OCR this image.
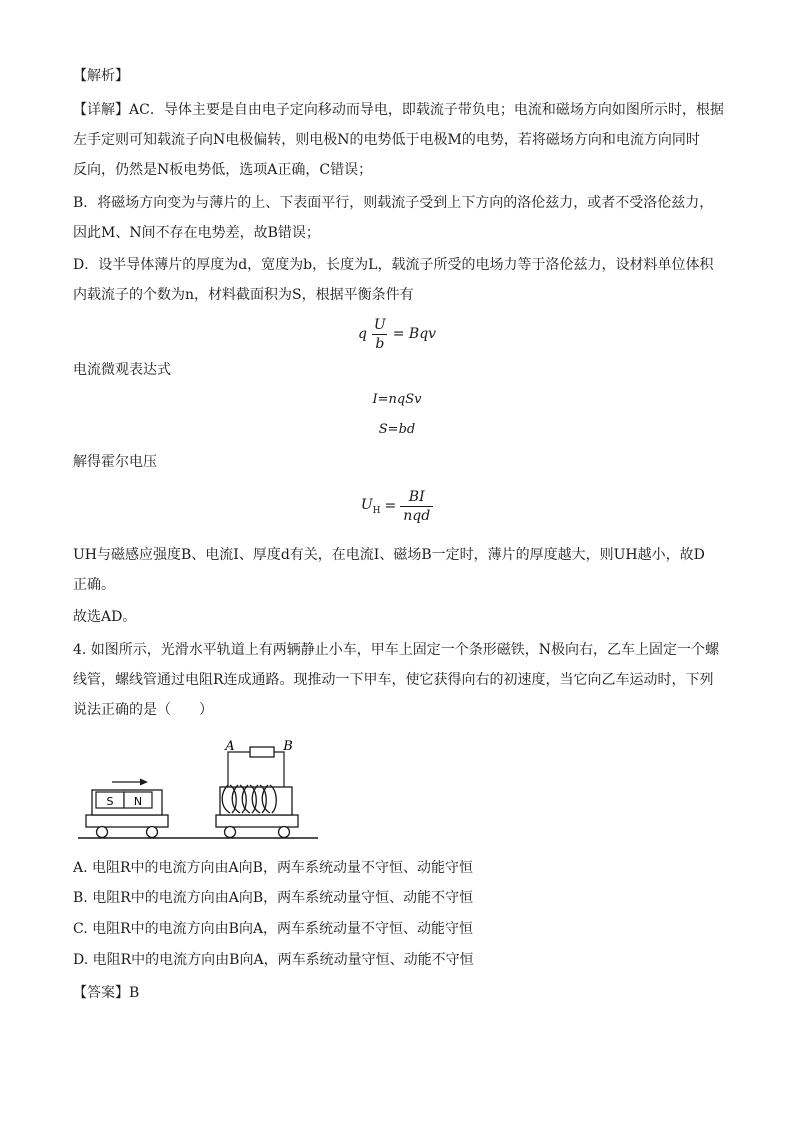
【解析】
【详解】AC．导体主要是自由电子定向移动而导电，即载流子带负电；电流和磁场方向如图所示时，根据
左手定则可知载流子向N电极偏转，则电极N的电势低于电极M的电势，若将磁场方向和电流方向同时
反向，仍然是N板电势低，选项A正确，C错误；
B．将磁场方向变为与薄片的上、下表面平行，则载流子受到上下方向的洛伦兹力，或者不受洛伦兹力，
因此M、N间不存在电势差，故B错误；
D．设半导体薄片的厚度为d，宽度为b，长度为L，载流子所受的电场力等于洛伦兹力，设材料单位体积
内载流子的个数为n，材料截面积为S，根据平衡条件有
q $\frac{U}{b}$ = Bqv
电流微观表达式
I=nqSv
S=bd
解得霍尔电压
$U_H = \frac{BI}{\text{nqd}}$
UH与磁感应强度B、电流I、厚度d有关，在电流I、磁场B一定时，薄片的厚度越大，则UH越小，故D
正确。
故选AD。
4. 如图所示，光滑水平轨道上有两辆静止小车，甲车上固定一个条形磁铁，N极向右，乙车上固定一个螺
线管，螺线管通过电阻R连成通路。现推动一下甲车，使它获得向右的初速度，当它向乙车运动时，下列
说法正确的是（　　）
S N
A	B
A. 电阻R中的电流方向由A向B，两车系统动量不守恒、动能守恒
B. 电阻R中的电流方向由A向B，两车系统动量守恒、动能不守恒
C. 电阻R中的电流方向由B向A，两车系统动量不守恒、动能守恒
D. 电阻R中的电流方向由B向A，两车系统动量守恒、动能不守恒
【答案】B
